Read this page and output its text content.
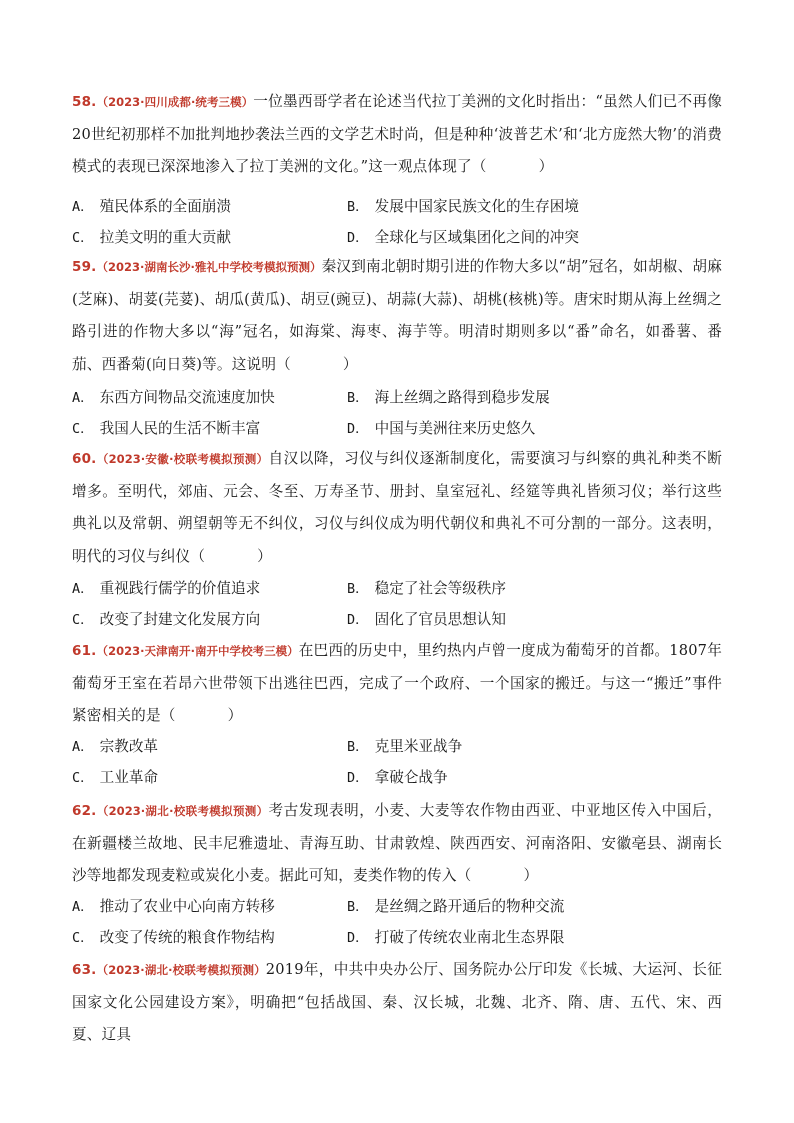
58.（2023·四川成都·统考三模）一位墨西哥学者在论述当代拉丁美洲的文化时指出：“虽然人们已不再像20世纪初那样不加批判地抄袭法兰西的文学艺术时尚，但是种种‘波普艺术’和‘北方庞然大物’的消费模式的表现已深深地渗入了拉丁美洲的文化。”这一观点体现了（	）
A． 殖民体系的全面崩溃	B． 发展中国家民族文化的生存困境
C． 拉美文明的重大贡献	D． 全球化与区域集团化之间的冲突
59.（2023·湖南长沙·雅礼中学校考模拟预测）秦汉到南北朝时期引进的作物大多以“胡”冠名，如胡椒、胡麻(芝麻)、胡荽(芫荽)、胡瓜(黄瓜)、胡豆(豌豆)、胡蒜(大蒜)、胡桃(核桃)等。唐宋时期从海上丝绸之路引进的作物大多以“海”冠名，如海棠、海枣、海芋等。明清时期则多以“番”命名，如番薯、番茄、西番菊(向日葵)等。这说明（	）
A． 东西方间物品交流速度加快	B． 海上丝绸之路得到稳步发展
C． 我国人民的生活不断丰富	D． 中国与美洲往来历史悠久
60.（2023·安徽·校联考模拟预测）自汉以降，习仪与纠仪逐渐制度化，需要演习与纠察的典礼种类不断增多。至明代，郊庙、元会、冬至、万寿圣节、册封、皇室冠礼、经筵等典礼皆须习仪；举行这些典礼以及常朝、朔望朝等无不纠仪，习仪与纠仪成为明代朝仪和典礼不可分割的一部分。这表明，明代的习仪与纠仪（	）
A． 重视践行儒学的价值追求	B． 稳定了社会等级秩序
C． 改变了封建文化发展方向	D． 固化了官员思想认知
61.（2023·天津南开·南开中学校考三模）在巴西的历史中，里约热内卢曾一度成为葡萄牙的首都。1807年葡萄牙王室在若昂六世带领下出逃往巴西，完成了一个政府、一个国家的搬迁。与这一“搬迁”事件紧密相关的是（	）
A． 宗教改革	B． 克里米亚战争
C． 工业革命	D． 拿破仑战争
62.（2023·湖北·校联考模拟预测）考古发现表明，小麦、大麦等农作物由西亚、中亚地区传入中国后，在新疆楼兰故地、民丰尼雅遗址、青海互助、甘肃敦煌、陕西西安、河南洛阳、安徽亳县、湖南长沙等地都发现麦粒或炭化小麦。据此可知，麦类作物的传入（	）
A． 推动了农业中心向南方转移	B． 是丝绸之路开通后的物种交流
C． 改变了传统的粮食作物结构	D． 打破了传统农业南北生态界限
63.（2023·湖北·校联考模拟预测）2019年，中共中央办公厅、国务院办公厅印发《长城、大运河、长征国家文化公园建设方案》，明确把“包括战国、秦、汉长城，北魏、北齐、隋、唐、五代、宋、西夏、辽具
